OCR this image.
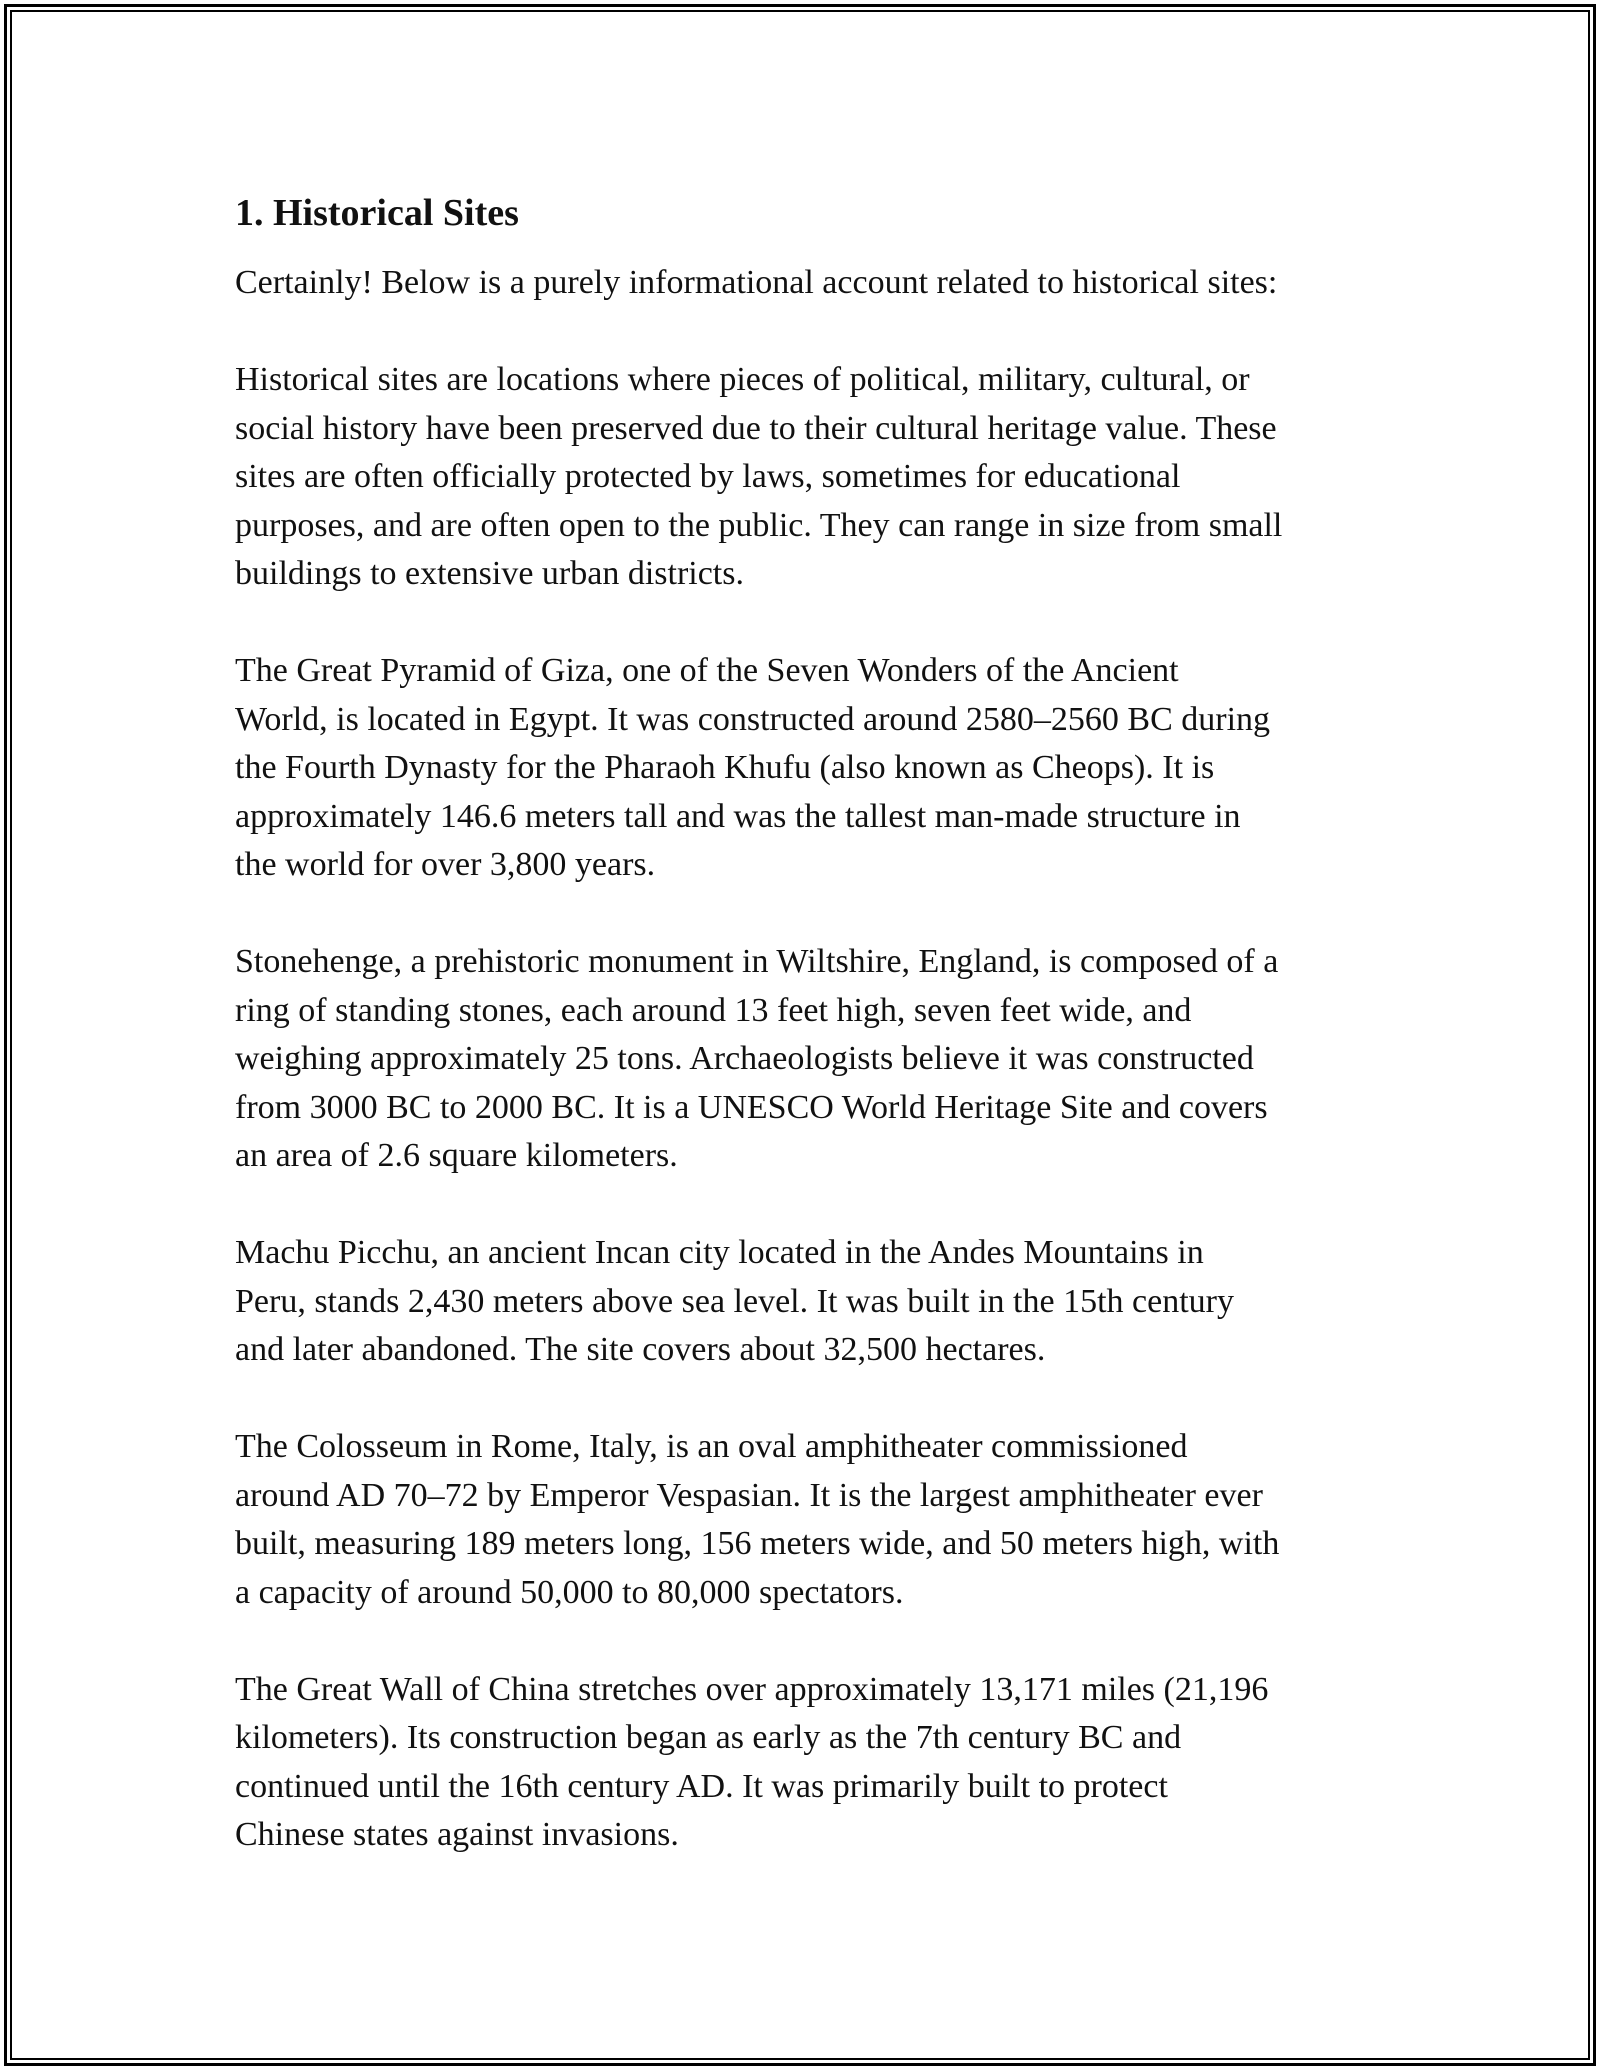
1. Historical Sites

Certainly! Below is a purely informational account related to historical sites:

Historical sites are locations where pieces of political, military, cultural, or
social history have been preserved due to their cultural heritage value. These
sites are often officially protected by laws, sometimes for educational
purposes, and are often open to the public. They can range in size from small
buildings to extensive urban districts.

The Great Pyramid of Giza, one of the Seven Wonders of the Ancient
World, is located in Egypt. It was constructed around 2580–2560 BC during
the Fourth Dynasty for the Pharaoh Khufu (also known as Cheops). It is
approximately 146.6 meters tall and was the tallest man-made structure in
the world for over 3,800 years.

Stonehenge, a prehistoric monument in Wiltshire, England, is composed of a
ring of standing stones, each around 13 feet high, seven feet wide, and
weighing approximately 25 tons. Archaeologists believe it was constructed
from 3000 BC to 2000 BC. It is a UNESCO World Heritage Site and covers
an area of 2.6 square kilometers.

Machu Picchu, an ancient Incan city located in the Andes Mountains in
Peru, stands 2,430 meters above sea level. It was built in the 15th century
and later abandoned. The site covers about 32,500 hectares.

The Colosseum in Rome, Italy, is an oval amphitheater commissioned
around AD 70–72 by Emperor Vespasian. It is the largest amphitheater ever
built, measuring 189 meters long, 156 meters wide, and 50 meters high, with
a capacity of around 50,000 to 80,000 spectators.

The Great Wall of China stretches over approximately 13,171 miles (21,196
kilometers). Its construction began as early as the 7th century BC and
continued until the 16th century AD. It was primarily built to protect
Chinese states against invasions.
